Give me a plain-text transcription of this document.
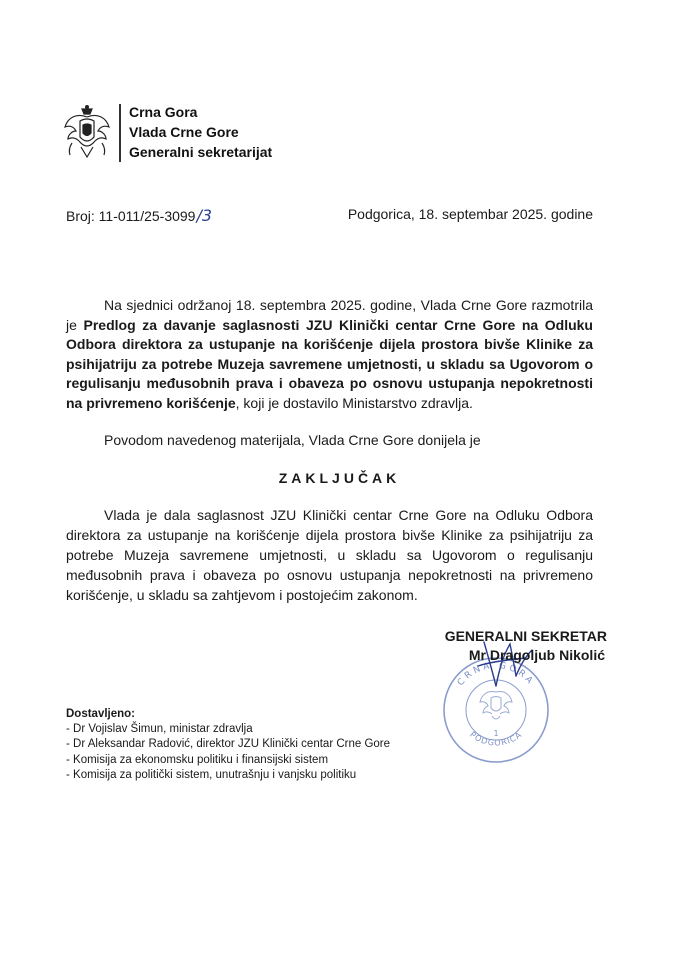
Crna Gora
Vlada Crne Gore
Generalni sekretarijat
Broj: 11-011/25-3099/3	Podgorica, 18. septembar 2025. godine
Na sjednici održanoj 18. septembra 2025. godine, Vlada Crne Gore razmotrila je Predlog za davanje saglasnosti JZU Klinički centar Crne Gore na Odluku Odbora direktora za ustupanje na korišćenje dijela prostora bivše Klinike za psihijatriju za potrebe Muzeja savremene umjetnosti, u skladu sa Ugovorom o regulisanju međusobnih prava i obaveza po osnovu ustupanja nepokretnosti na privremeno korišćenje, koji je dostavilo Ministarstvo zdravlja.
Povodom navedenog materijala, Vlada Crne Gore donijela je
ZAKLJUČAK
Vlada je dala saglasnost JZU Klinički centar Crne Gore na Odluku Odbora direktora za ustupanje na korišćenje dijela prostora bivše Klinike za psihijatriju za potrebe Muzeja savremene umjetnosti, u skladu sa Ugovorom o regulisanju međusobnih prava i obaveza po osnovu ustupanja nepokretnosti na privremeno korišćenje, u skladu sa zahtjevom i postojećim zakonom.
CRNA GORA
PODGORICA
1
GENERALNI SEKRETAR
Mr Dragoljub Nikolić
Dostavljeno:
- Dr Vojislav Šimun, ministar zdravlja
- Dr Aleksandar Radović, direktor JZU Klinički centar Crne Gore
- Komisija za ekonomsku politiku i finansijski sistem
- Komisija za politički sistem, unutrašnju i vanjsku politiku
